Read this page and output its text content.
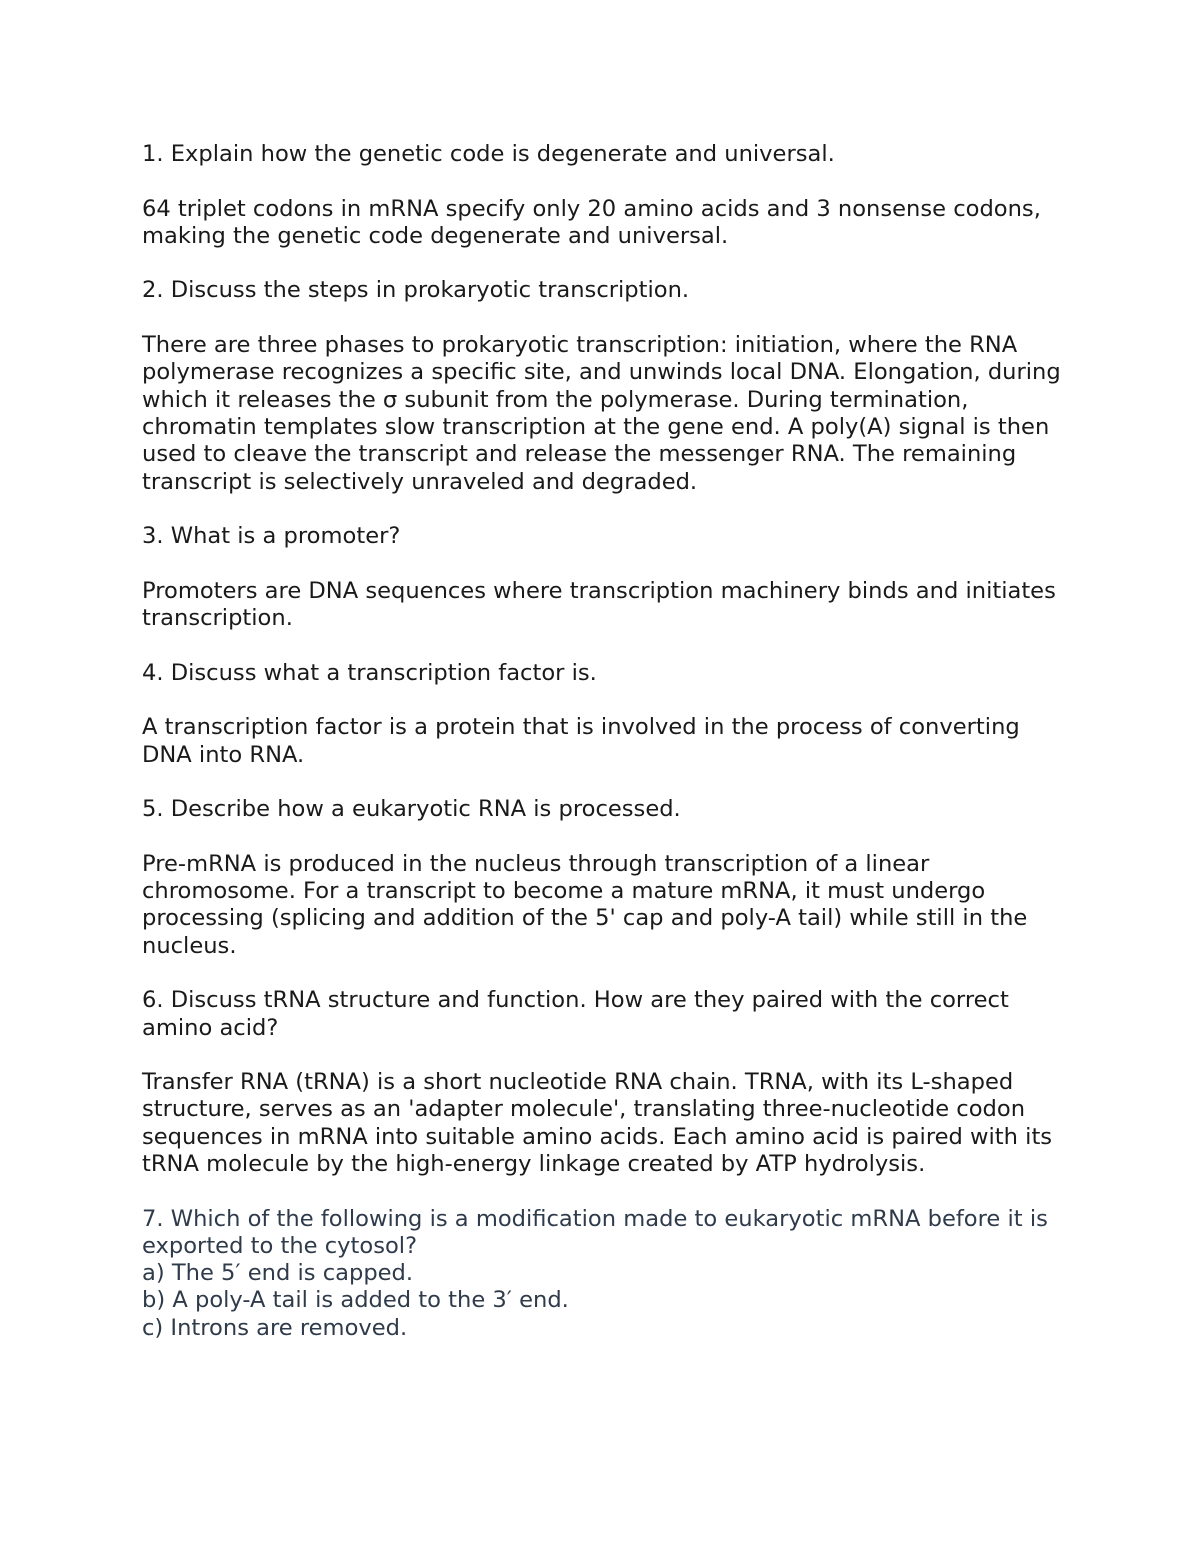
1. Explain how the genetic code is degenerate and universal.

64 triplet codons in mRNA specify only 20 amino acids and 3 nonsense codons, making the genetic code degenerate and universal.

2. Discuss the steps in prokaryotic transcription.

There are three phases to prokaryotic transcription: initiation, where the RNA polymerase recognizes a specific site, and unwinds local DNA. Elongation, during which it releases the σ subunit from the polymerase. During termination, chromatin templates slow transcription at the gene end. A poly(A) signal is then used to cleave the transcript and release the messenger RNA. The remaining transcript is selectively unraveled and degraded.

3. What is a promoter?

Promoters are DNA sequences where transcription machinery binds and initiates transcription.

4. Discuss what a transcription factor is.

A transcription factor is a protein that is involved in the process of converting DNA into RNA.

5. Describe how a eukaryotic RNA is processed.

Pre-mRNA is produced in the nucleus through transcription of a linear chromosome. For a transcript to become a mature mRNA, it must undergo processing (splicing and addition of the 5' cap and poly-A tail) while still in the nucleus.

6. Discuss tRNA structure and function. How are they paired with the correct amino acid?

Transfer RNA (tRNA) is a short nucleotide RNA chain. TRNA, with its L-shaped structure, serves as an 'adapter molecule', translating three-nucleotide codon sequences in mRNA into suitable amino acids. Each amino acid is paired with its tRNA molecule by the high-energy linkage created by ATP hydrolysis.

7. Which of the following is a modification made to eukaryotic mRNA before it is exported to the cytosol?
a) The 5′ end is capped.
b) A poly-A tail is added to the 3′ end.
c) Introns are removed.
